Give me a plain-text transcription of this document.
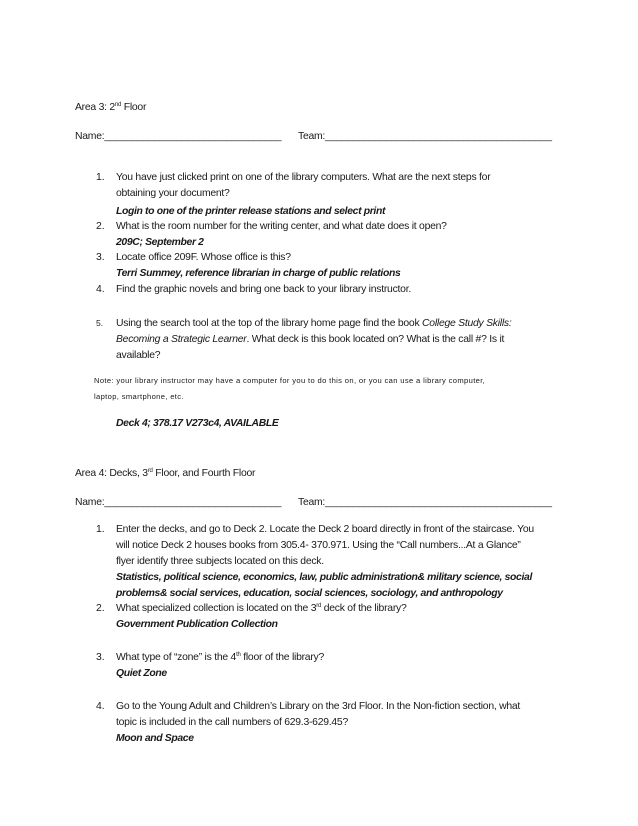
Area 3: 2nd Floor
Name:________________________________ Team:_________________________________________
1. You have just clicked print on one of the library computers. What are the next steps for
obtaining your document?
Login to one of the printer release stations and select print
2. What is the room number for the writing center, and what date does it open?
209C; September 2
3. Locate office 209F. Whose office is this?
Terri Summey, reference librarian in charge of public relations
4. Find the graphic novels and bring one back to your library instructor.
5. Using the search tool at the top of the library home page find the book College Study Skills:
Becoming a Strategic Learner. What deck is this book located on? What is the call #? Is it
available?
Note: your library instructor may have a computer for you to do this on, or you can use a library computer,
laptop, smartphone, etc.
Deck 4; 378.17 V273c4, AVAILABLE
Area 4: Decks, 3rd Floor, and Fourth Floor
Name:________________________________ Team:_________________________________________
1. Enter the decks, and go to Deck 2. Locate the Deck 2 board directly in front of the staircase. You
will notice Deck 2 houses books from 305.4- 370.971. Using the “Call numbers...At a Glance”
flyer identify three subjects located on this deck.
Statistics, political science, economics, law, public administration& military science, social
problems& social services, education, social sciences, sociology, and anthropology
2. What specialized collection is located on the 3rd deck of the library?
Government Publication Collection
3. What type of “zone” is the 4th floor of the library?
Quiet Zone
4. Go to the Young Adult and Children’s Library on the 3rd Floor. In the Non-fiction section, what
topic is included in the call numbers of 629.3-629.45?
Moon and Space
